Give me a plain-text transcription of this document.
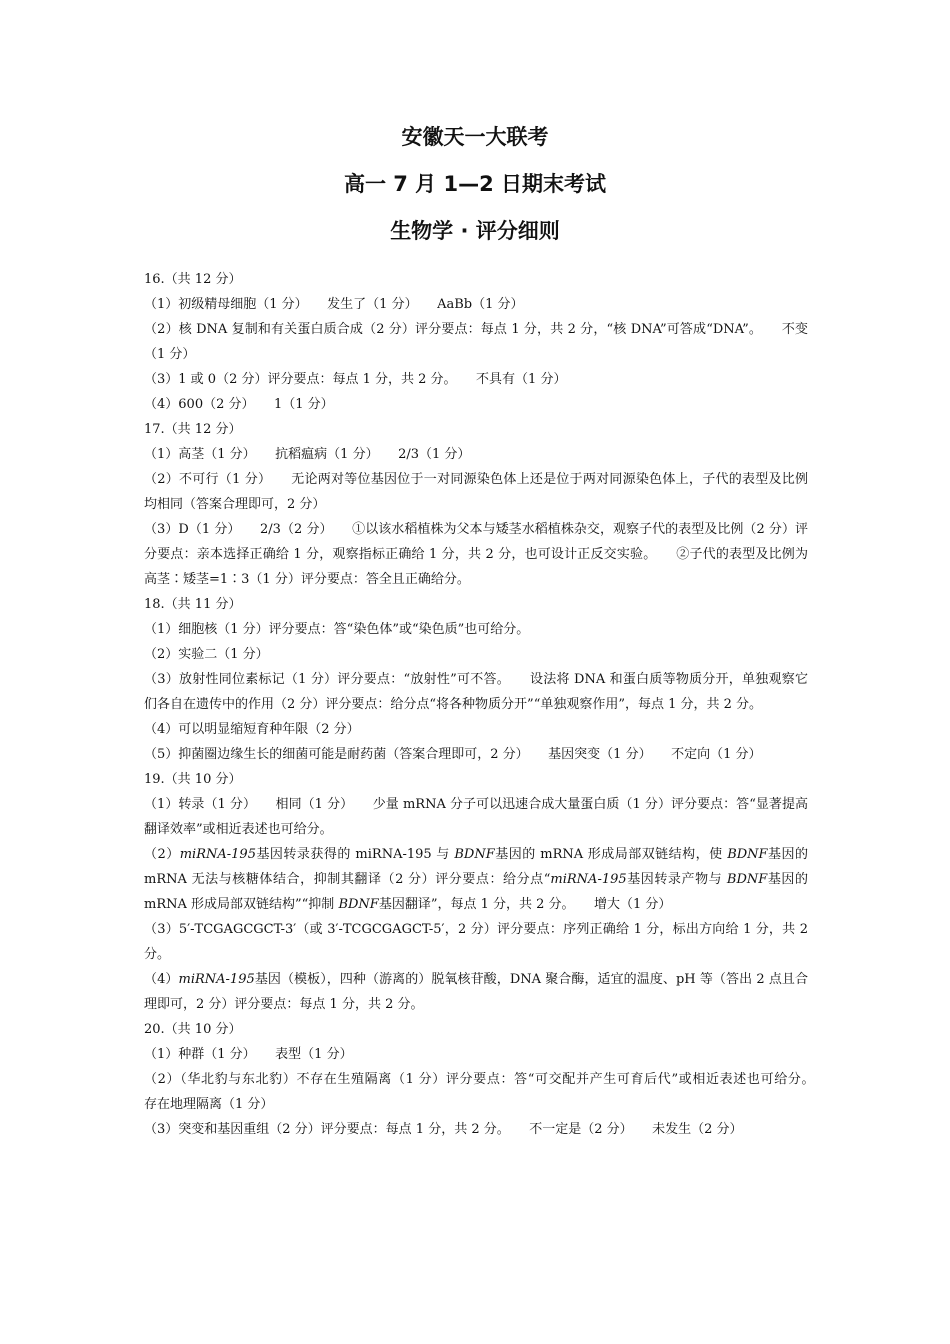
安徽天一大联考
高一 7 月 1—2 日期末考试
生物学 · 评分细则

16.（共 12 分）

（1）初级精母细胞（1 分）　　发生了（1 分）　　AaBb（1 分）

（2）核 DNA 复制和有关蛋白质合成（2 分）评分要点：每点 1 分，共 2 分，“核 DNA”可答成“DNA”。　　不变（1 分）

（3）1 或 0（2 分）评分要点：每点 1 分，共 2 分。　　不具有（1 分）

（4）600（2 分）　　1（1 分）

17.（共 12 分）

（1）高茎（1 分）　　抗稻瘟病（1 分）　　2/3（1 分）

（2）不可行（1 分）　　无论两对等位基因位于一对同源染色体上还是位于两对同源染色体上，子代的表型及比例均相同（答案合理即可，2 分）

（3）D（1 分）　　2/3（2 分）　　①以该水稻植株为父本与矮茎水稻植株杂交，观察子代的表型及比例（2 分）评分要点：亲本选择正确给 1 分，观察指标正确给 1 分，共 2 分，也可设计正反交实验。　　②子代的表型及比例为高茎∶矮茎=1∶3（1 分）评分要点：答全且正确给分。

18.（共 11 分）

（1）细胞核（1 分）评分要点：答“染色体”或“染色质”也可给分。

（2）实验二（1 分）

（3）放射性同位素标记（1 分）评分要点：“放射性”可不答。　　设法将 DNA 和蛋白质等物质分开，单独观察它们各自在遗传中的作用（2 分）评分要点：给分点“将各种物质分开”“单独观察作用”，每点 1 分，共 2 分。

（4）可以明显缩短育种年限（2 分）

（5）抑菌圈边缘生长的细菌可能是耐药菌（答案合理即可，2 分）　　基因突变（1 分）　　不定向（1 分）

19.（共 10 分）

（1）转录（1 分）　　相同（1 分）　　少量 mRNA 分子可以迅速合成大量蛋白质（1 分）评分要点：答“显著提高翻译效率”或相近表述也可给分。

（2）miRNA-195基因转录获得的 miRNA-195 与 BDNF基因的 mRNA 形成局部双链结构，使 BDNF基因的 mRNA 无法与核糖体结合，抑制其翻译（2 分）评分要点：给分点“miRNA-195基因转录产物与 BDNF基因的 mRNA 形成局部双链结构”“抑制 BDNF基因翻译”，每点 1 分，共 2 分。　　增大（1 分）

（3）5′-TCGAGCGCT-3′（或 3′-TCGCGAGCT-5′，2 分）评分要点：序列正确给 1 分，标出方向给 1 分，共 2 分。

（4）miRNA-195基因（模板），四种（游离的）脱氧核苷酸，DNA 聚合酶，适宜的温度、pH 等（答出 2 点且合理即可，2 分）评分要点：每点 1 分，共 2 分。

20.（共 10 分）

（1）种群（1 分）　　表型（1 分）

（2）（华北豹与东北豹）不存在生殖隔离（1 分）评分要点：答“可交配并产生可育后代”或相近表述也可给分。　　存在地理隔离（1 分）

（3）突变和基因重组（2 分）评分要点：每点 1 分，共 2 分。　　不一定是（2 分）　　未发生（2 分）
